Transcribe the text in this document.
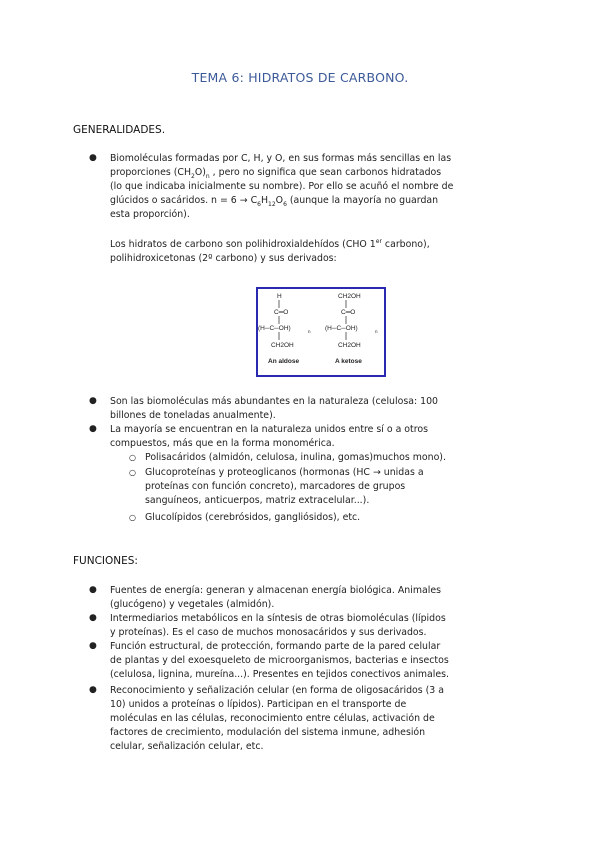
TEMA 6: HIDRATOS DE CARBONO.
GENERALIDADES.
● Biomoléculas formadas por C, H, y O, en sus formas más sencillas en las
proporciones $(CH_2O)_n$ , pero no significa que sean carbonos hidratados
(lo que indicaba inicialmente su nombre). Por ello se acuñó el nombre de
glúcidos o sacáridos. $n = 6 \to C_6H_{12}O_6$ (aunque la mayoría no guardan
esta proporción).
Los hidratos de carbono son polihidroxialdehídos (CHO 1er carbono),
polihidroxicetonas (2º carbono) y sus derivados:
H
C═O
(H─C─OH)	n
CH2OH
CH2OH
C═O
(H─C─OH)	n
CH2OH
An aldose	A ketose
● Son las biomoléculas más abundantes en la naturaleza (celulosa: 100
billones de toneladas anualmente).
● La mayoría se encuentran en la naturaleza unidos entre sí o a otros
compuestos, más que en la forma monomérica.
○ Polisacáridos (almidón, celulosa, inulina, gomas)muchos mono).
○ Glucoproteínas y proteoglicanos (hormonas (HC → unidas a
proteínas con función concreto), marcadores de grupos
sanguíneos, anticuerpos, matriz extracelular...).
○ Glucolípidos (cerebrósidos, gangliósidos), etc.
FUNCIONES:
● Fuentes de energía: generan y almacenan energía biológica. Animales
(glucógeno) y vegetales (almidón).
● Intermediarios metabólicos en la síntesis de otras biomoléculas (lípidos
y proteínas). Es el caso de muchos monosacáridos y sus derivados.
● Función estructural, de protección, formando parte de la pared celular
de plantas y del exoesqueleto de microorganismos, bacterias e insectos
(celulosa, lignina, mureína...). Presentes en tejidos conectivos animales.
● Reconocimiento y señalización celular (en forma de oligosacáridos (3 a
10) unidos a proteínas o lípidos). Participan en el transporte de
moléculas en las células, reconocimiento entre células, activación de
factores de crecimiento, modulación del sistema inmune, adhesión
celular, señalización celular, etc.
